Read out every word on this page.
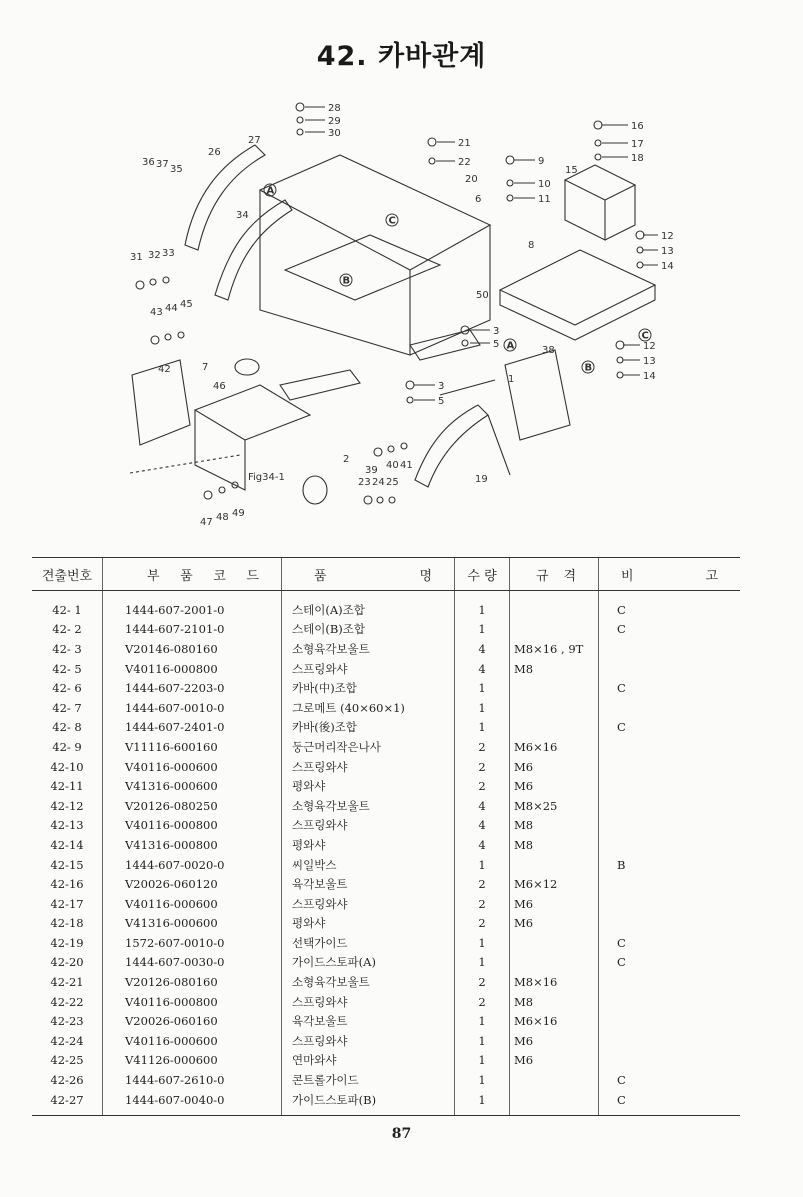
42. 카바관계
28
29
30
27
26
21
22
20
9
10
11
15
6
8
16
17
18
12
13
14
12
13
14
36 37 35
34
31 32 33
43 44 45
42	7
46
50
3
5
38
1
3
5
2
39 40 41
23 24 25	19
47 48 49
Fig34-1
A
C
B
A
B
C
견출번호	부 품 코 드	품 명	수 량	규 격	비 고

42- 1	1444-607-2001-0	스테이(A)조합	1		C
42- 2	1444-607-2101-0	스테이(B)조합	1		C
42- 3	V20146-080160	소형육각보울트	4	M8×16 , 9T	
42- 5	V40116-000800	스프링와샤	4	M8	
42- 6	1444-607-2203-0	카바(中)조합	1		C
42- 7	1444-607-0010-0	그로메트 (40×60×1)	1		
42- 8	1444-607-2401-0	카바(後)조합	1		C
42- 9	V11116-600160	둥근머리작은나사	2	M6×16	
42-10	V40116-000600	스프링와샤	2	M6	
42-11	V41316-000600	평와샤	2	M6	
42-12	V20126-080250	소형육각보울트	4	M8×25	
42-13	V40116-000800	스프링와샤	4	M8	
42-14	V41316-000800	평와샤	4	M8	
42-15	1444-607-0020-0	씨일박스	1		B
42-16	V20026-060120	육각보울트	2	M6×12	
42-17	V40116-000600	스프링와샤	2	M6	
42-18	V41316-000600	평와샤	2	M6	
42-19	1572-607-0010-0	선택가이드	1		C
42-20	1444-607-0030-0	가이드스토파(A)	1		C
42-21	V20126-080160	소형육각보울트	2	M8×16	
42-22	V40116-000800	스프링와샤	2	M8	
42-23	V20026-060160	육각보울트	1	M6×16	
42-24	V40116-000600	스프링와샤	1	M6	
42-25	V41126-000600	연마와샤	1	M6	
42-26	1444-607-2610-0	콘트롤가이드	1		C
42-27	1444-607-0040-0	가이드스토파(B)	1		C
87
